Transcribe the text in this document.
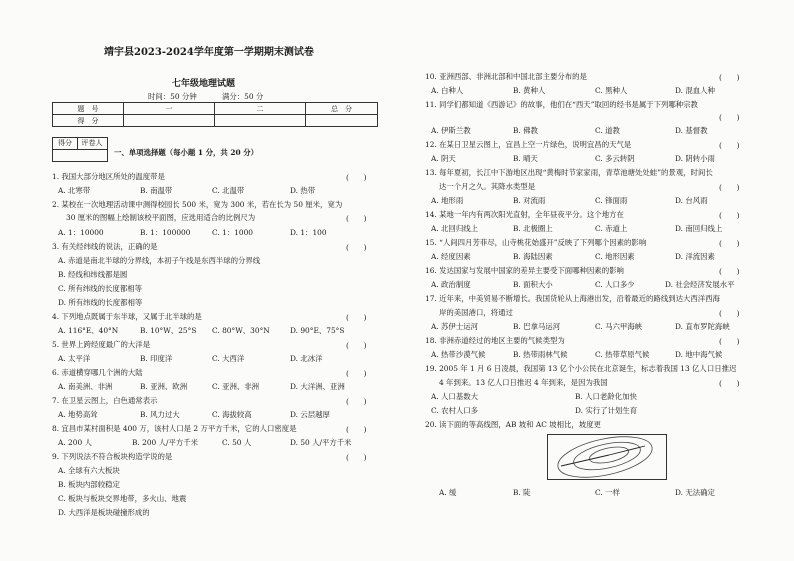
靖宇县2023-2024学年度第一学期期末测试卷
七年级地理试题
时间：50 分钟	满分：50 分
题　号	一	二	总　分
得　分			
得分 评卷人
一、单项选择题（每小题 1 分，共 20 分）
1. 我国大部分地区所处的温度带是	(　　)
A. 北寒带	B. 南温带	C. 北温带	D. 热带
2. 某校在一次地理活动课中测得校园长 500 米，宽为 300 米，若在长为 50 厘米，宽为
30 厘米的图幅上绘制该校平面图，应选用适合的比例尺为	(　　)
A. 1：10000	B. 1：100000	C. 1：1000	D. 1：100
3. 有关经纬线的说法，正确的是	(　　)
A. 赤道是南北半球的分界线，本初子午线是东西半球的分界线
B. 经线和纬线都是圆
C. 所有纬线的长度都相等
D. 所有纬线的长度都相等
4. 下列地点既属于东半球，又属于北半球的是	(　　)
A. 116°E、40°N	B. 10°W、25°S C. 80°W、30°N	D. 90°E、75°S
5. 世界上跨经度最广的大洋是	(　　)
A. 太平洋	B. 印度洋	C. 大西洋	D. 北冰洋
6. 赤道横穿哪几个洲的大陆	(　　)
A. 南美洲、非洲	B. 亚洲、欧洲	C. 亚洲、非洲	D. 大洋洲、亚洲
7. 在卫星云图上，白色通常表示	(　　)
A. 地势高耸	B. 风力过大	C. 海拔较高	D. 云层越厚
8. 宜昌市某村面积是 400 万，该村人口是 2 万平方千米，它的人口密度是	(　　)
A. 200 人	B. 200 人/平方千米	C. 50 人	D. 50 人/平方千米
9. 下列说法不符合板块构造学说的是	(　　)
A. 全球有六大板块
B. 板块内部较稳定
C. 板块与板块交界地带，多火山、地震
D. 大西洋是板块碰撞形成的
10. 亚洲西部、非洲北部和中国北部主要分布的是	(　　)
A. 白种人	B. 黄种人	C. 黑种人	D. 混血人种
11. 同学们都知道《西游记》的故事，他们在“西天”取回的经书是属于下列哪种宗教
(　　)
A. 伊斯兰教	B. 佛教	C. 道教	D. 基督教
12. 在某日卫星云图上，宜昌上空一片绿色，说明宜昌的天气是	(　　)
A. 阴天	B. 晴天	C. 多云转阴	D. 阴转小雨
13. 每年夏初，长江中下游地区出现“黄梅时节家家雨，青草池塘处处蛙”的景观，时间长
达一个月之久。其降水类型是	(　　)
A. 地形雨	B. 对流雨	C. 锋面雨	D. 台风雨
14. 某地一年内有两次阳光直射，全年昼夜平分。这个地方在	(　　)
A. 北回归线上	B. 北极圈上	C. 赤道上	D. 南回归线上
15. “人间四月芳菲尽，山寺桃花始盛开”反映了下列哪个因素的影响	(　　)
A. 经度因素	B. 海陆因素	C. 地形因素	D. 洋流因素
16. 发达国家与发展中国家的差异主要受下面哪种因素的影响	(　　)
A. 政治制度	B. 面积大小	C. 人口多少	D. 社会经济发展水平
17. 近年来，中美贸易不断增长。我国货轮从上海港出发，沿着最近的路线到达大西洋西海
岸的美国港口，将通过	(　　)
A. 苏伊士运河	B. 巴拿马运河	C. 马六甲海峡	D. 直布罗陀海峡
18. 非洲赤道经过的地区主要的气候类型为	(　　)
A. 热带沙漠气候	B. 热带雨林气候	C. 热带草原气候	D. 地中海气候
19. 2005 年 1 月 6 日凌晨，我国第 13 亿个小公民在北京诞生，标志着我国 13 亿人口日推迟
4 年到来。13 亿人口日推迟 4 年到来，是因为我国	(　　)
A. 人口基数大	B. 人口老龄化加快
C. 农村人口多	D. 实行了计划生育
20. 读下面的等高线图，AB 坡和 AC 坡相比，坡度更
A. 缓	B. 陡	C. 一样	D. 无法确定
